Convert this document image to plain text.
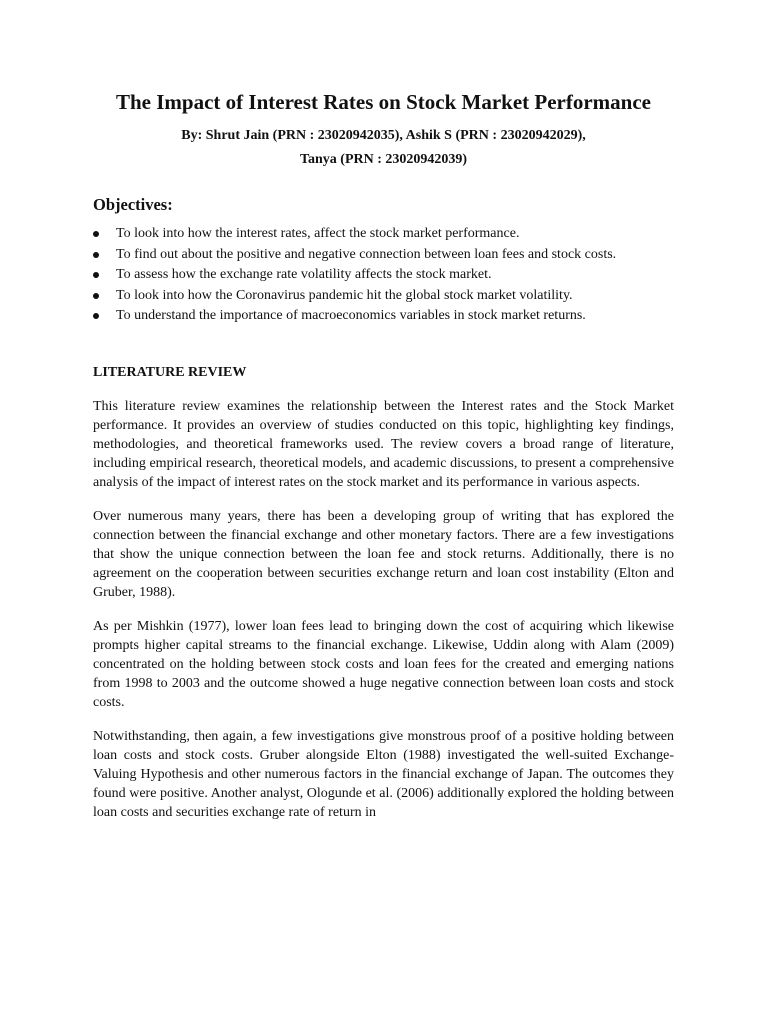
The Impact of Interest Rates on Stock Market Performance
By: Shrut Jain (PRN : 23020942035), Ashik S (PRN : 23020942029),
Tanya (PRN : 23020942039)
Objectives:
To look into how the interest rates, affect the stock market performance.
To find out about the positive and negative connection between loan fees and stock costs.
To assess how the exchange rate volatility affects the stock market.
To look into how the Coronavirus pandemic hit the global stock market volatility.
To understand the importance of macroeconomics variables in stock market returns.
LITERATURE REVIEW

This literature review examines the relationship between the Interest rates and the Stock Market performance. It provides an overview of studies conducted on this topic, highlighting key findings, methodologies, and theoretical frameworks used. The review covers a broad range of literature, including empirical research, theoretical models, and academic discussions, to present a comprehensive analysis of the impact of interest rates on the stock market and its performance in various aspects.

Over numerous many years, there has been a developing group of writing that has explored the connection between the financial exchange and other monetary factors. There are a few investigations that show the unique connection between the loan fee and stock returns. Additionally, there is no agreement on the cooperation between securities exchange return and loan cost instability (Elton and Gruber, 1988).

As per Mishkin (1977), lower loan fees lead to bringing down the cost of acquiring which likewise prompts higher capital streams to the financial exchange. Likewise, Uddin along with Alam (2009) concentrated on the holding between stock costs and loan fees for the created and emerging nations from 1998 to 2003 and the outcome showed a huge negative connection between loan costs and stock costs.

Notwithstanding, then again, a few investigations give monstrous proof of a positive holding between loan costs and stock costs. Gruber alongside Elton (1988) investigated the well-suited Exchange-Valuing Hypothesis and other numerous factors in the financial exchange of Japan. The outcomes they found were positive. Another analyst, Ologunde et al. (2006) additionally explored the holding between loan costs and securities exchange rate of return in
